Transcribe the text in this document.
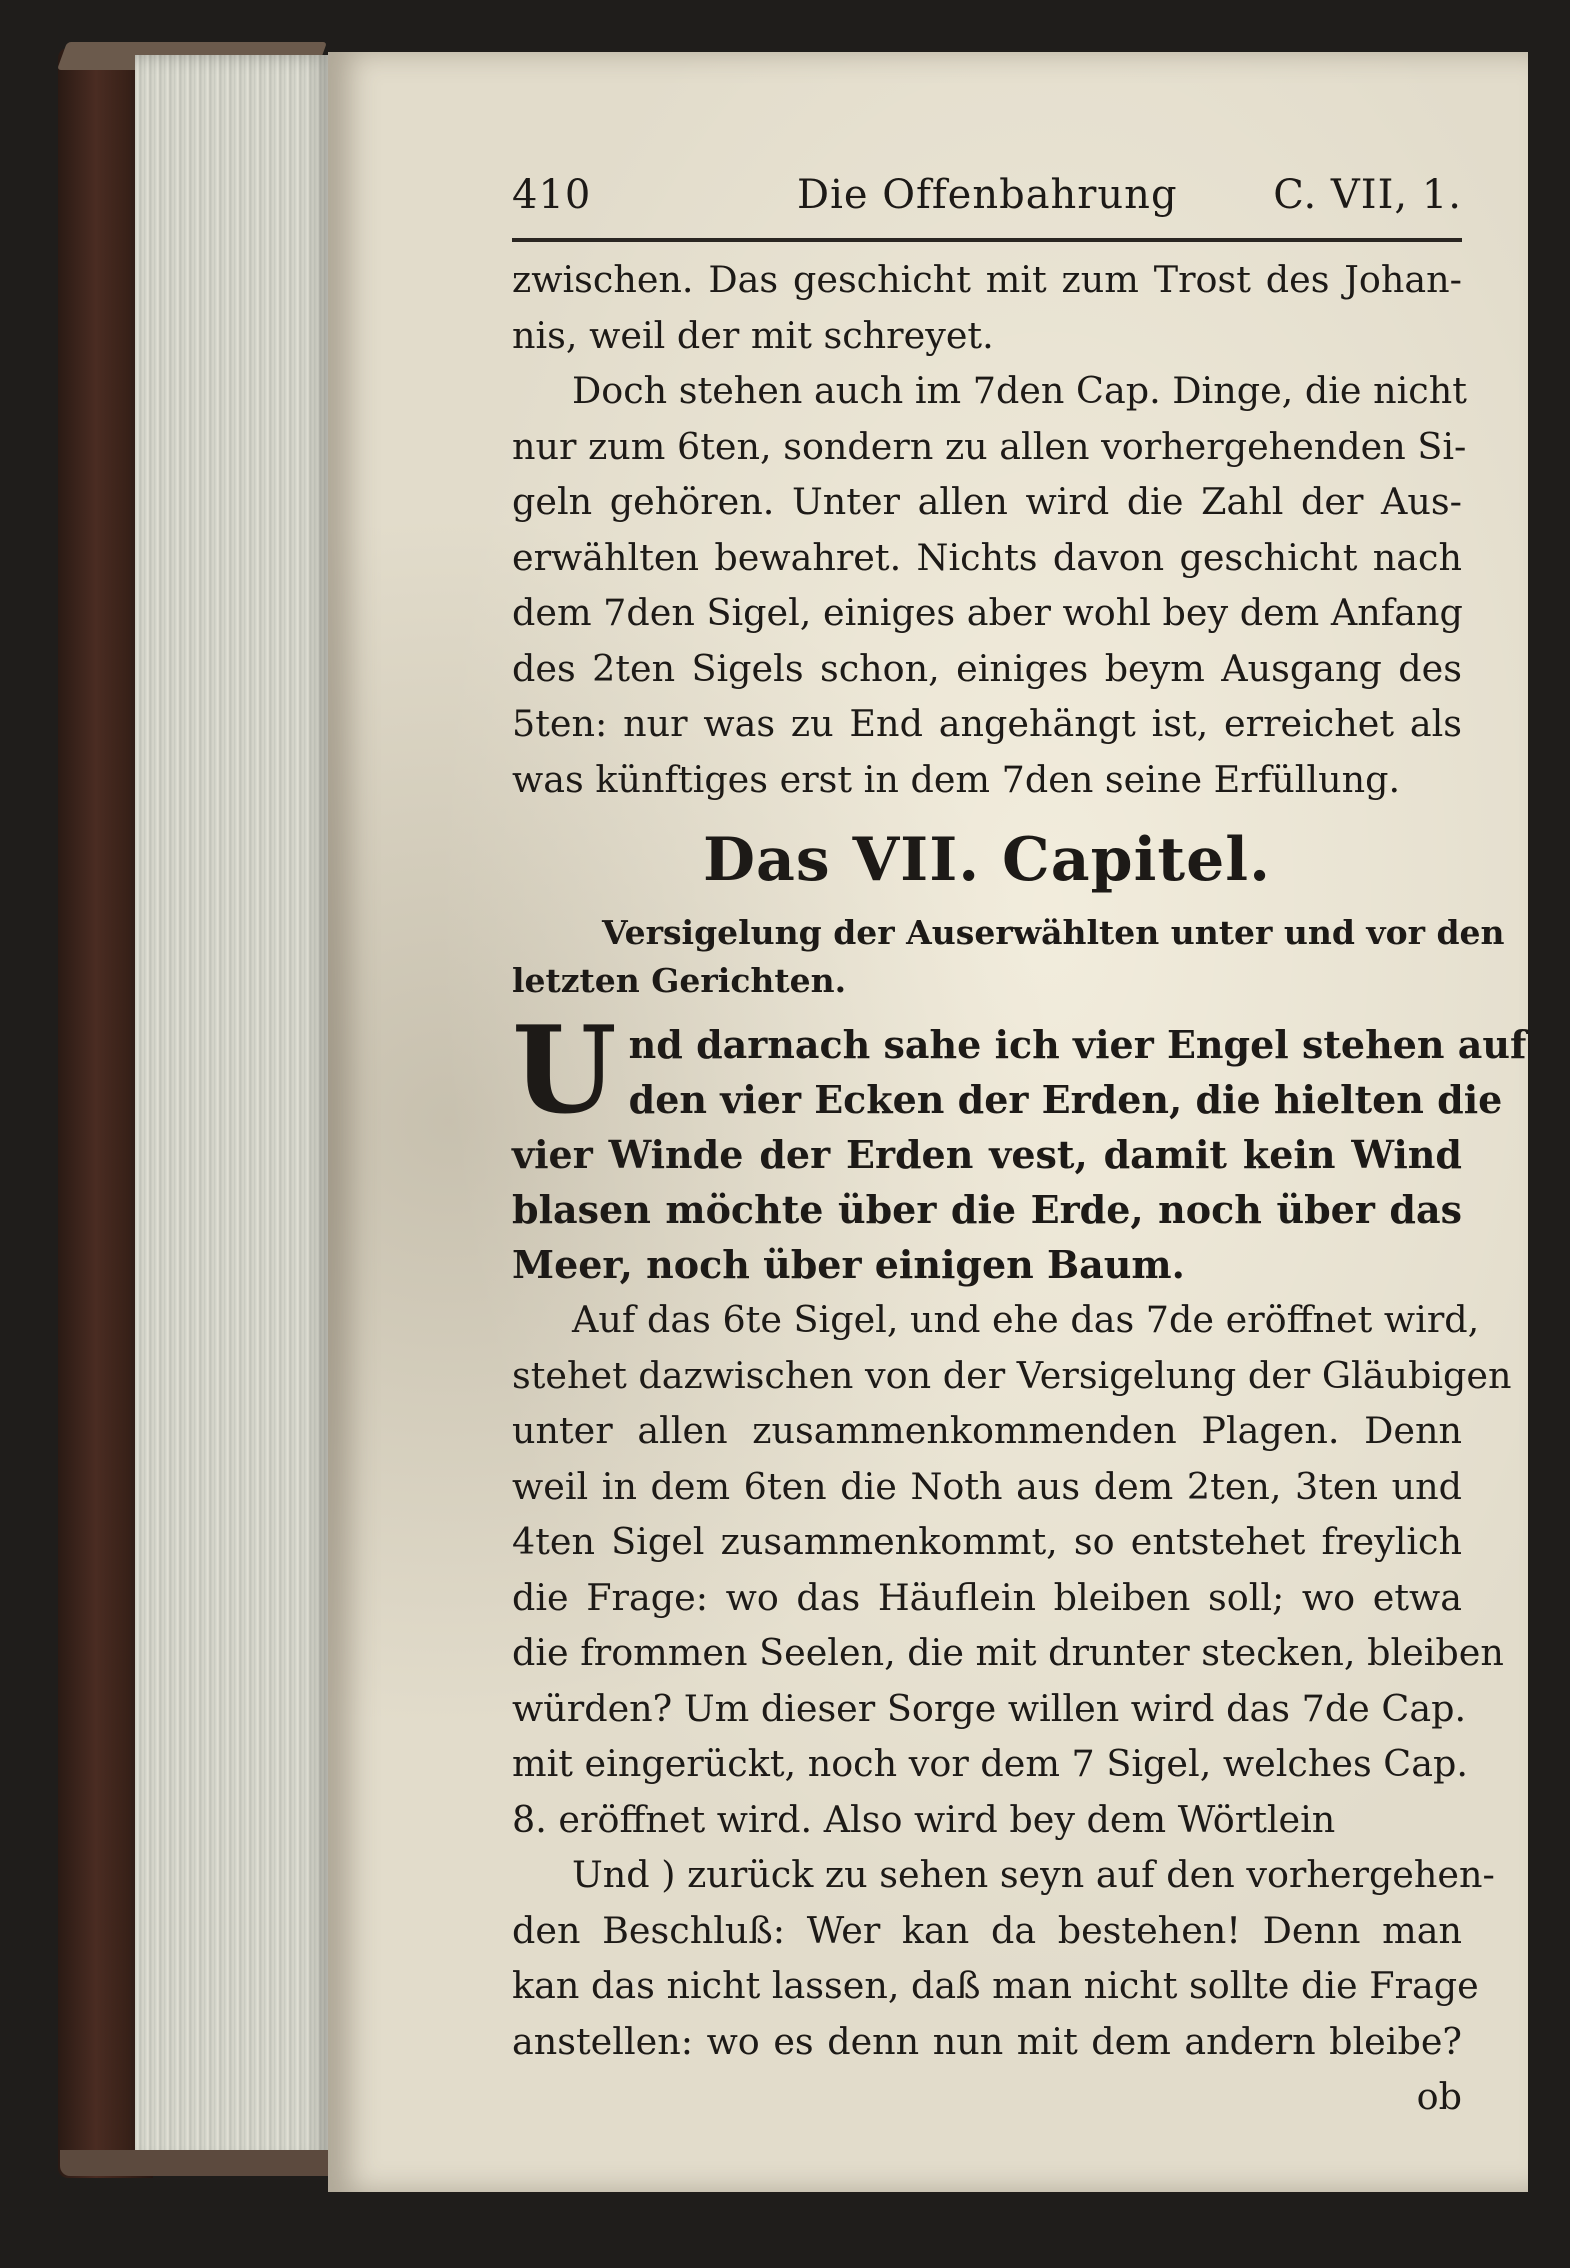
410	Die Offenbahrung C. VII, 1.
zwischen. Das geschicht mit zum Trost des Johan-
nis, weil der mit schreyet.
Doch stehen auch im 7den Cap. Dinge, die nicht
nur zum 6ten, sondern zu allen vorhergehenden Si-
geln gehören. Unter allen wird die Zahl der Aus-
erwählten bewahret. Nichts davon geschicht nach
dem 7den Sigel, einiges aber wohl bey dem Anfang
des 2ten Sigels schon, einiges beym Ausgang des
5ten: nur was zu End angehängt ist, erreichet als
was künftiges erst in dem 7den seine Erfüllung.
Das VII. Capitel.
Versigelung der Auserwählten unter und vor den
letzten Gerichten.
U nd darnach sahe ich vier Engel stehen auf
den vier Ecken der Erden, die hielten die
vier Winde der Erden vest, damit kein Wind
blasen möchte über die Erde, noch über das
Meer, noch über einigen Baum.
Auf das 6te Sigel, und ehe das 7de eröffnet wird,
stehet dazwischen von der Versigelung der Gläubigen
unter allen zusammenkommenden Plagen. Denn
weil in dem 6ten die Noth aus dem 2ten, 3ten und
4ten Sigel zusammenkommt, so entstehet freylich
die Frage: wo das Häuflein bleiben soll; wo etwa
die frommen Seelen, die mit drunter stecken, bleiben
würden? Um dieser Sorge willen wird das 7de Cap.
mit eingerückt, noch vor dem 7 Sigel, welches Cap.
8. eröffnet wird. Also wird bey dem Wörtlein
Und ) zurück zu sehen seyn auf den vorhergehen-
den Beschluß: Wer kan da bestehen! Denn man
kan das nicht lassen, daß man nicht sollte die Frage
anstellen: wo es denn nun mit dem andern bleibe?
ob
